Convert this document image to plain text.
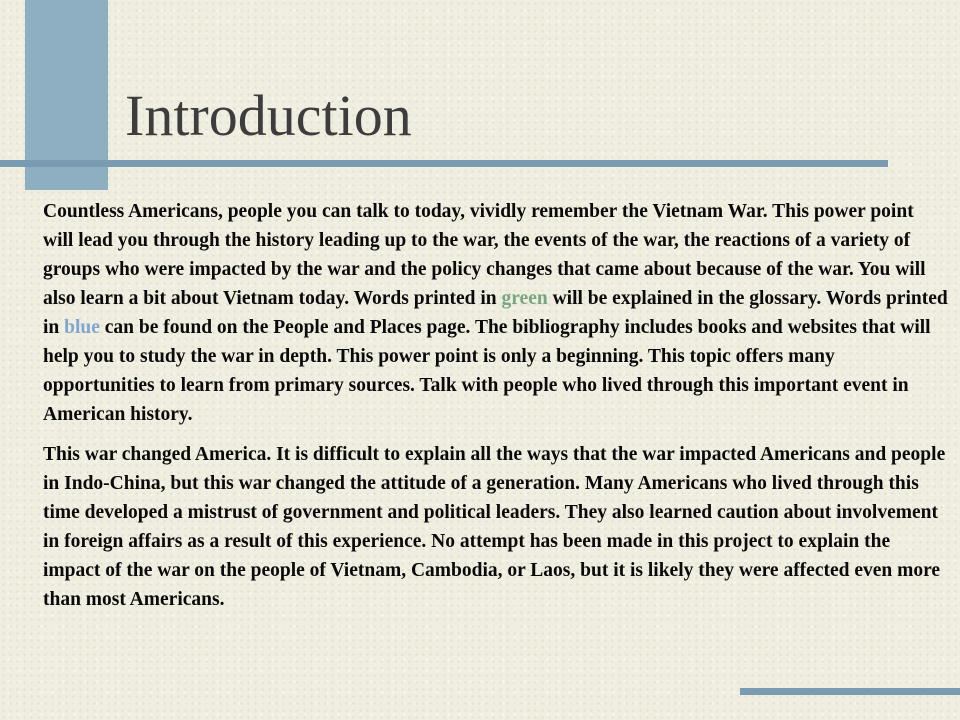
Introduction

Countless Americans, people you can talk to today, vividly remember the Vietnam War. This power point will lead you through the history leading up to the war, the events of the war, the reactions of a variety of groups who were impacted by the war and the policy changes that came about because of the war. You will also learn a bit about Vietnam today. Words printed in green will be explained in the glossary. Words printed in blue can be found on the People and Places page. The bibliography includes books and websites that will help you to study the war in depth. This power point is only a beginning. This topic offers many opportunities to learn from primary sources. Talk with people who lived through this important event in American history.

This war changed America. It is difficult to explain all the ways that the war impacted Americans and people in Indo-China, but this war changed the attitude of a generation. Many Americans who lived through this time developed a mistrust of government and political leaders. They also learned caution about involvement in foreign affairs as a result of this experience. No attempt has been made in this project to explain the impact of the war on the people of Vietnam, Cambodia, or Laos, but it is likely they were affected even more than most Americans.
